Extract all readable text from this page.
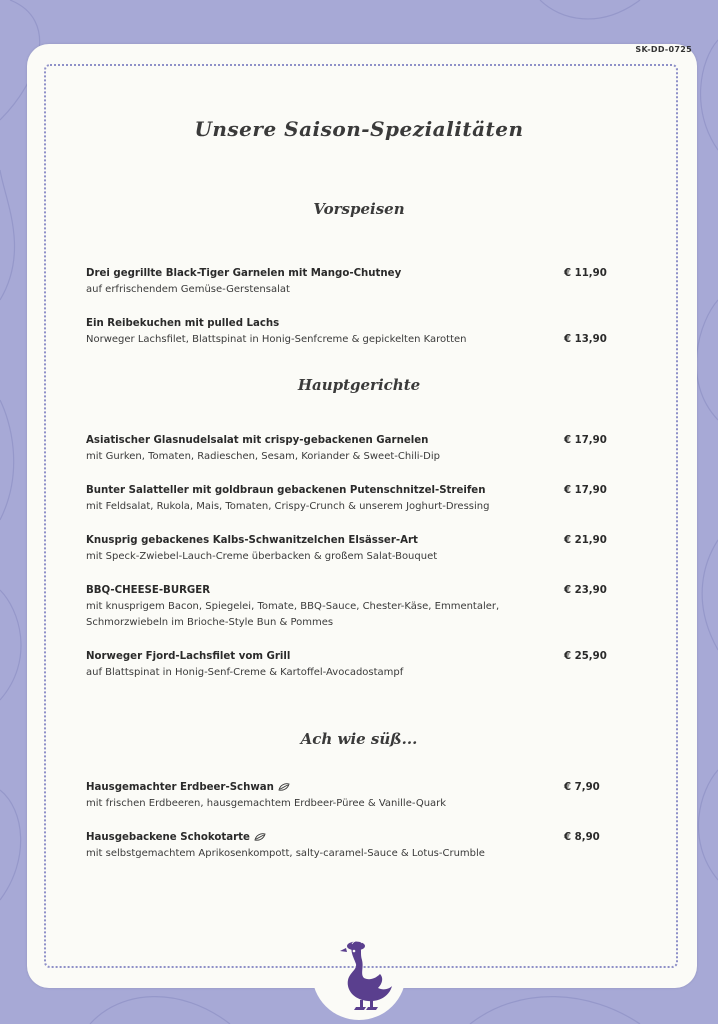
SK-DD-0725
Unsere Saison-Spezialitäten
Vorspeisen
Drei gegrillte Black-Tiger Garnelen mit Mango-Chutney
auf erfrischendem Gemüse-Gerstensalat
€ 11,90
Ein Reibekuchen mit pulled Lachs
Norweger Lachsfilet, Blattspinat in Honig-Senfcreme & gepickelten Karotten	€ 13,90
Hauptgerichte
Asiatischer Glasnudelsalat mit crispy-gebackenen Garnelen
mit Gurken, Tomaten, Radieschen, Sesam, Koriander & Sweet-Chili-Dip
€ 17,90
Bunter Salatteller mit goldbraun gebackenen Putenschnitzel-Streifen
mit Feldsalat, Rukola, Mais, Tomaten, Crispy-Crunch & unserem Joghurt-Dressing
€ 17,90
Knusprig gebackenes Kalbs-Schwanitzelchen Elsässer-Art
mit Speck-Zwiebel-Lauch-Creme überbacken & großem Salat-Bouquet
€ 21,90
BBQ-CHEESE-BURGER
mit knusprigem Bacon, Spiegelei, Tomate, BBQ-Sauce, Chester-Käse, Emmentaler,
Schmorzwiebeln im Brioche-Style Bun & Pommes
€ 23,90
Norweger Fjord-Lachsfilet vom Grill
auf Blattspinat in Honig-Senf-Creme & Kartoffel-Avocadostampf
€ 25,90
Ach wie süß...
Hausgemachter Erdbeer-Schwan
mit frischen Erdbeeren, hausgemachtem Erdbeer-Püree & Vanille-Quark
€ 7,90
Hausgebackene Schokotarte
mit selbstgemachtem Aprikosenkompott, salty-caramel-Sauce & Lotus-Crumble
€ 8,90
